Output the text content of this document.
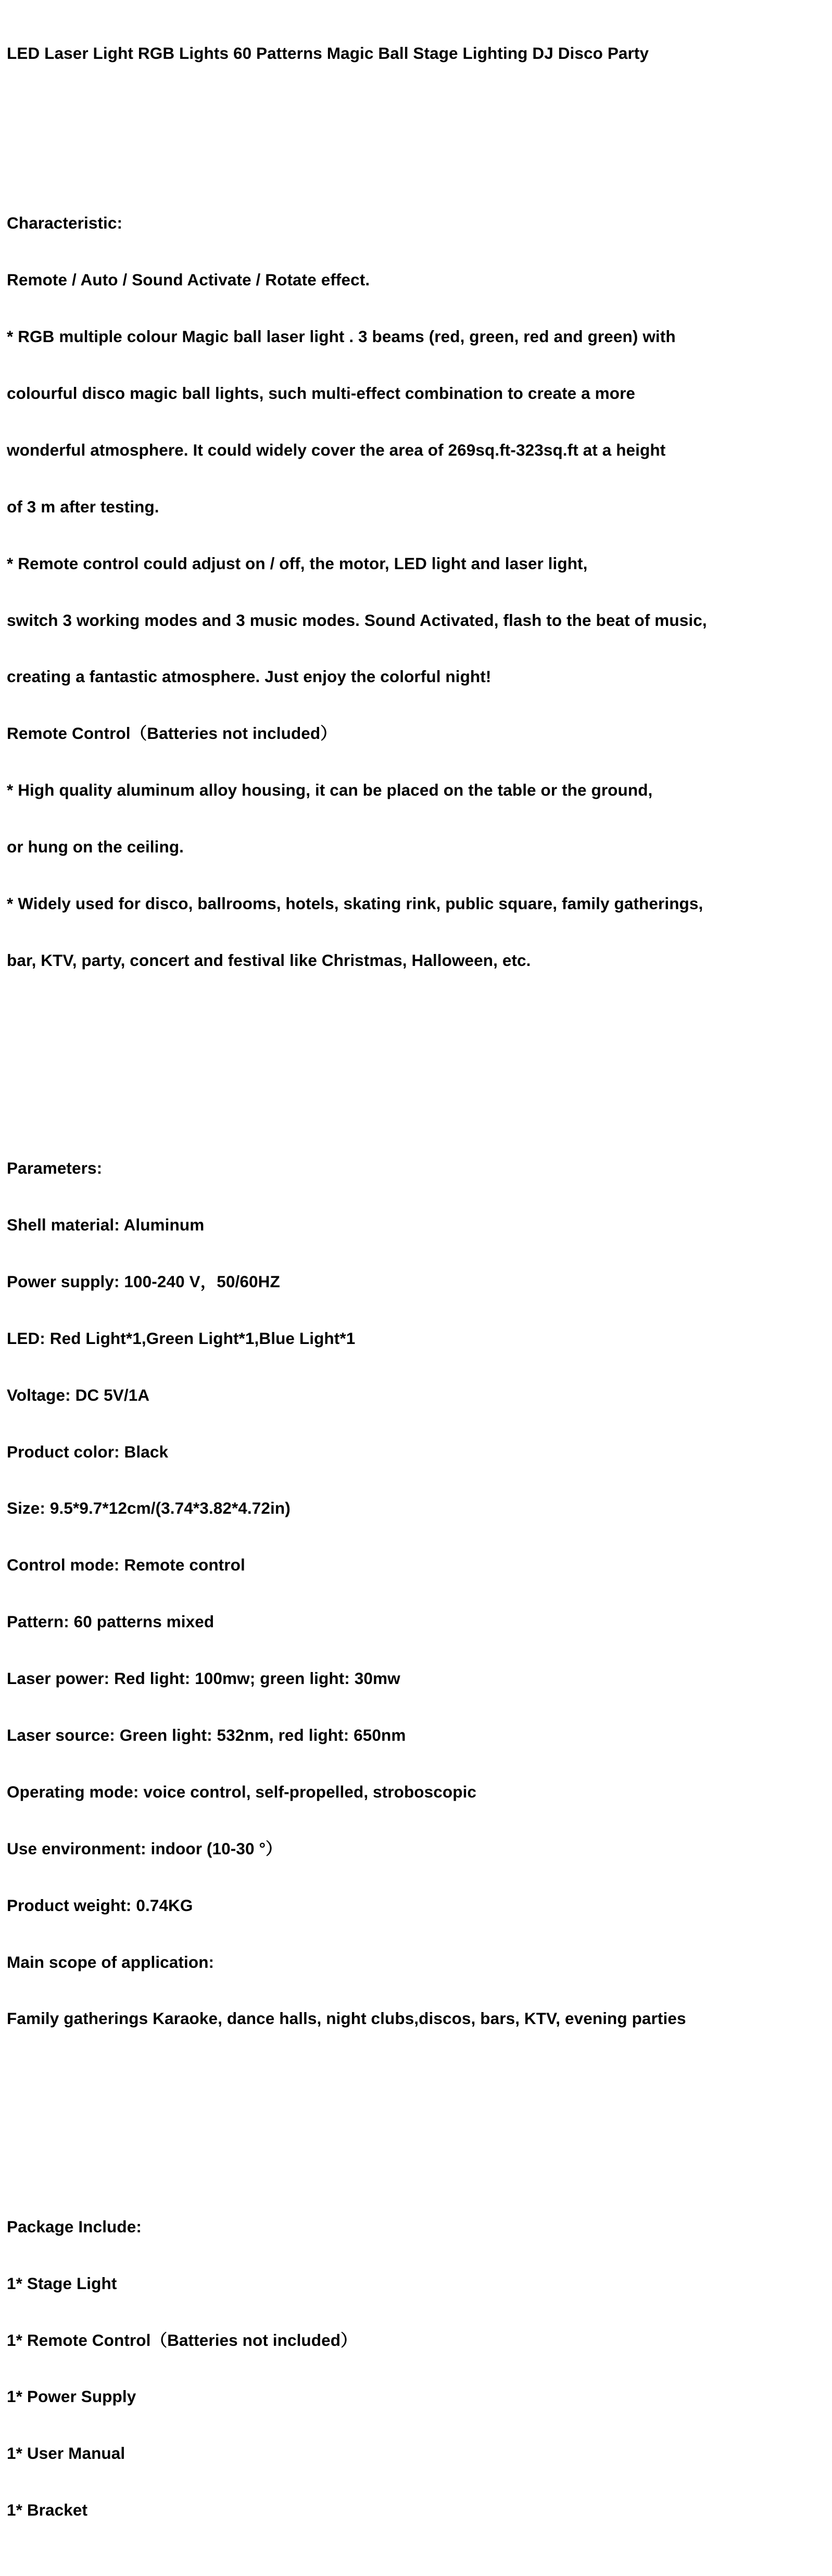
LED Laser Light RGB Lights 60 Patterns Magic Ball Stage Lighting DJ Disco Party

Characteristic:

Remote / Auto / Sound Activate / Rotate effect.

* RGB multiple colour Magic ball laser light . 3 beams (red, green, red and green) with

colourful disco magic ball lights, such multi-effect combination to create a more

wonderful atmosphere. It could widely cover the area of 269sq.ft-323sq.ft at a height

of 3 m after testing.

* Remote control could adjust on / off, the motor, LED light and laser light,

switch 3 working modes and 3 music modes. Sound Activated, flash to the beat of music,

creating a fantastic atmosphere. Just enjoy the colorful night!

Remote Control（Batteries not included）

* High quality aluminum alloy housing, it can be placed on the table or the ground,

or hung on the ceiling.

* Widely used for disco, ballrooms, hotels, skating rink, public square, family gatherings,

bar, KTV, party, concert and festival like Christmas, Halloween, etc.

Parameters:

Shell material: Aluminum

Power supply: 100-240 V，50/60HZ

LED: Red Light*1,Green Light*1,Blue Light*1

Voltage: DC 5V/1A

Product color: Black

Size: 9.5*9.7*12cm/(3.74*3.82*4.72in)

Control mode: Remote control

Pattern: 60 patterns mixed

Laser power: Red light: 100mw; green light: 30mw

Laser source: Green light: 532nm, red light: 650nm

Operating mode: voice control, self-propelled, stroboscopic

Use environment: indoor (10-30 °）

Product weight: 0.74KG

Main scope of application:

Family gatherings Karaoke, dance halls, night clubs,discos, bars, KTV, evening parties

Package Include:

1* Stage Light

1* Remote Control（Batteries not included）

1* Power Supply

1* User Manual

1* Bracket
